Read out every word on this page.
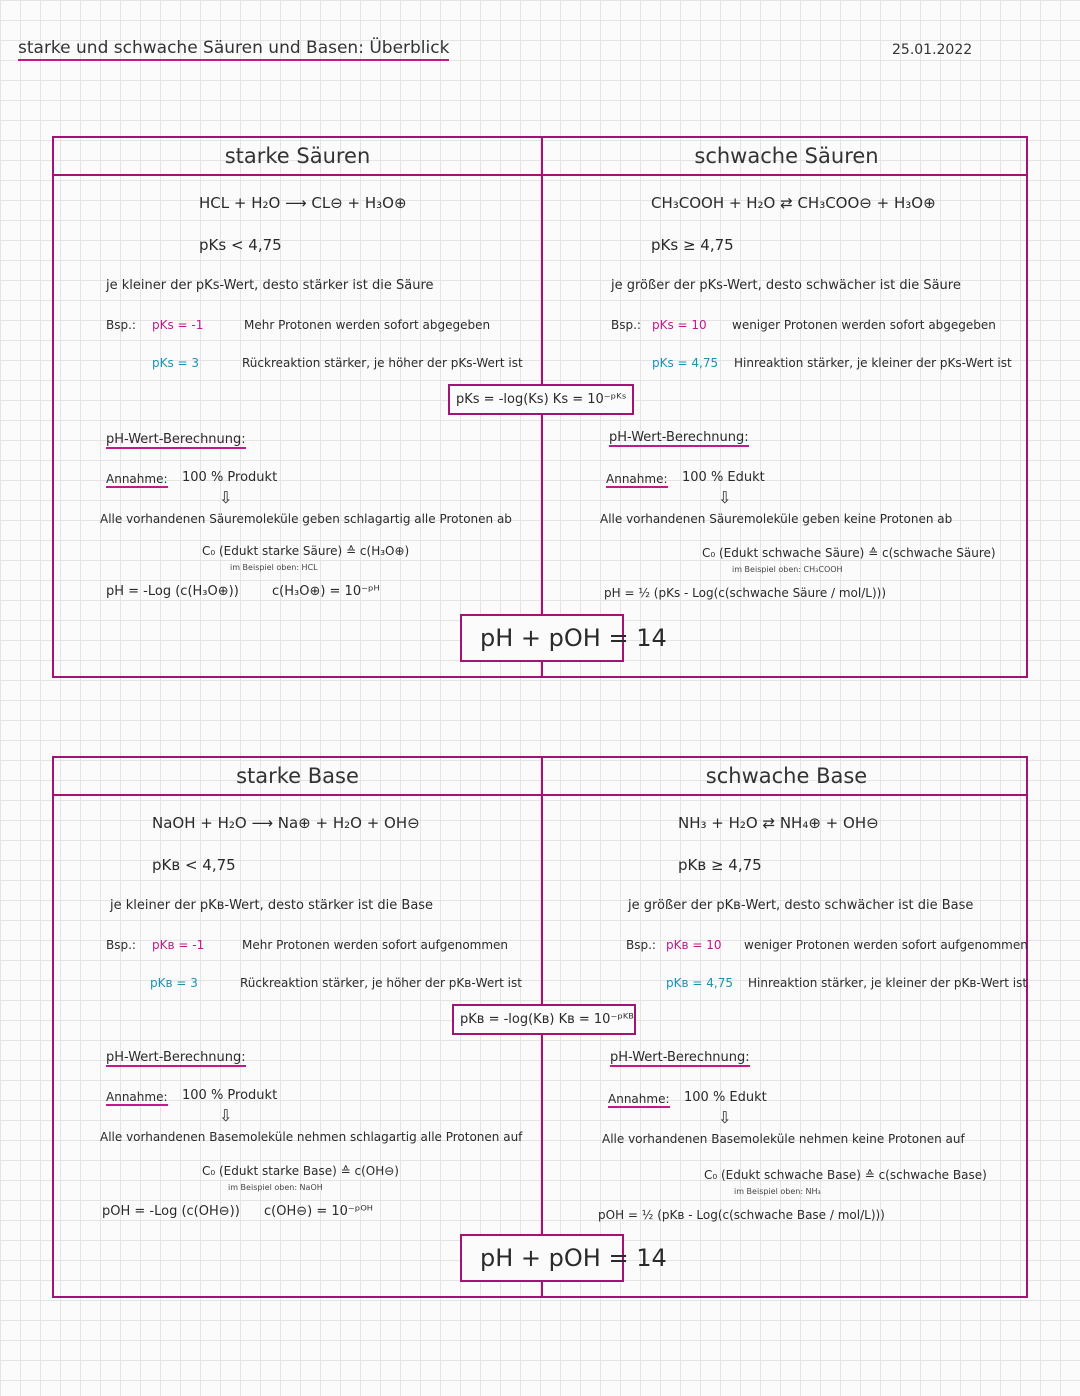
starke und schwache Säuren und Basen: Überblick	25.01.2022
starke Säuren	schwache Säuren
HCL + H₂O ⟶ CL⊖ + H₃O⊕
pKs < 4,75
je kleiner der pKs-Wert, desto stärker ist die Säure
Bsp.: pKs = -1	Mehr Protonen werden sofort abgegeben
pKs = 3	Rückreaktion stärker, je höher der pKs-Wert ist
pH-Wert-Berechnung:
Annahme: 100 % Produkt
⇩
Alle vorhandenen Säuremoleküle geben schlagartig alle Protonen ab
C₀ (Edukt starke Säure) ≙ c(H₃O⊕)
im Beispiel oben: HCL
pH = -Log (c(H₃O⊕))	c(H₃O⊕) = 10⁻ᵖᴴ
CH₃COOH + H₂O ⇄ CH₃COO⊖ + H₃O⊕
pKs ≥ 4,75
je größer der pKs-Wert, desto schwächer ist die Säure
Bsp.: pKs = 10 weniger Protonen werden sofort abgegeben
pKs = 4,75 Hinreaktion stärker, je kleiner der pKs-Wert ist
pH-Wert-Berechnung:
Annahme: 100 % Edukt
⇩
Alle vorhandenen Säuremoleküle geben keine Protonen ab
C₀ (Edukt schwache Säure) ≙ c(schwache Säure)
im Beispiel oben: CH₃COOH
pH = ½ (pKs - Log(c(schwache Säure / mol/L)))
pKs = -log(Ks) Ks = 10⁻ᵖᴷˢ
pH + pOH = 14
starke Base	schwache Base
NaOH + H₂O ⟶ Na⊕ + H₂O + OH⊖
pKв < 4,75
je kleiner der pKв-Wert, desto stärker ist die Base
Bsp.: pKв = -1	Mehr Protonen werden sofort aufgenommen
pKв = 3	Rückreaktion stärker, je höher der pKв-Wert ist
pH-Wert-Berechnung:
Annahme: 100 % Produkt
⇩
Alle vorhandenen Basemoleküle nehmen schlagartig alle Protonen auf
C₀ (Edukt starke Base) ≙ c(OH⊖)
im Beispiel oben: NaOH
pOH = -Log (c(OH⊖)) c(OH⊖) = 10⁻ᵖᴼᴴ
NH₃ + H₂O ⇄ NH₄⊕ + OH⊖
pKв ≥ 4,75
je größer der pKв-Wert, desto schwächer ist die Base
Bsp.: pKв = 10 weniger Protonen werden sofort aufgenommen
pKв = 4,75 Hinreaktion stärker, je kleiner der pKв-Wert ist
pH-Wert-Berechnung:
Annahme: 100 % Edukt
⇩
Alle vorhandenen Basemoleküle nehmen keine Protonen auf
C₀ (Edukt schwache Base) ≙ c(schwache Base)
im Beispiel oben: NH₃
pOH = ½ (pKв - Log(c(schwache Base / mol/L)))
pKв = -log(Kв) Kв = 10⁻ᵖᴷᴮ
pH + pOH = 14
